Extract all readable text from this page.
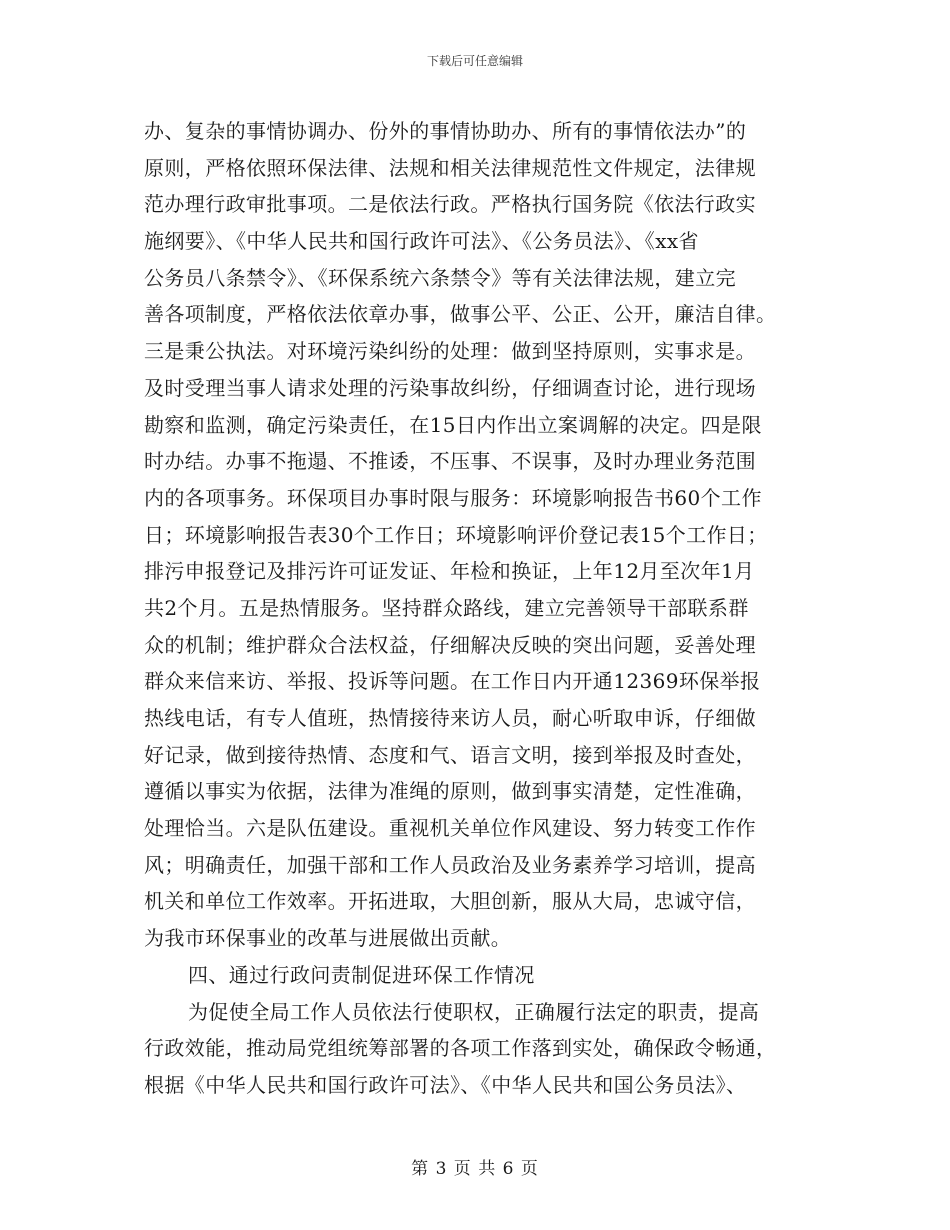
下载后可任意编辑
办、复杂的事情协调办、份外的事情协助办、所有的事情依法办”的
原则，严格依照环保法律、法规和相关法律规范性文件规定，法律规
范办理行政审批事项。二是依法行政。严格执行国务院《依法行政实
施纲要》、《中华人民共和国行政许可法》、《公务员法》、《xx省
公务员八条禁令》、《环保系统六条禁令》等有关法律法规，建立完
善各项制度，严格依法依章办事，做事公平、公正、公开，廉洁自律。
三是秉公执法。对环境污染纠纷的处理：做到坚持原则，实事求是。
及时受理当事人请求处理的污染事故纠纷，仔细调查讨论，进行现场
勘察和监测，确定污染责任，在15日内作出立案调解的决定。四是限
时办结。办事不拖遢、不推诿，不压事、不误事，及时办理业务范围
内的各项事务。环保项目办事时限与服务：环境影响报告书60个工作
日；环境影响报告表30个工作日；环境影响评价登记表15个工作日；
排污申报登记及排污许可证发证、年检和换证，上年12月至次年1月
共2个月。五是热情服务。坚持群众路线，建立完善领导干部联系群
众的机制；维护群众合法权益，仔细解决反映的突出问题，妥善处理
群众来信来访、举报、投诉等问题。在工作日内开通12369环保举报
热线电话，有专人值班，热情接待来访人员，耐心听取申诉，仔细做
好记录，做到接待热情、态度和气、语言文明，接到举报及时查处，
遵循以事实为依据，法律为准绳的原则，做到事实清楚，定性准确，
处理恰当。六是队伍建设。重视机关单位作风建设、努力转变工作作
风；明确责任，加强干部和工作人员政治及业务素养学习培训，提高
机关和单位工作效率。开拓进取，大胆创新，服从大局，忠诚守信，
为我市环保事业的改革与进展做出贡献。
四、通过行政问责制促进环保工作情况
为促使全局工作人员依法行使职权，正确履行法定的职责，提高
行政效能，推动局党组统筹部署的各项工作落到实处，确保政令畅通，
根据《中华人民共和国行政许可法》、《中华人民共和国公务员法》、
第 3 页 共 6 页
